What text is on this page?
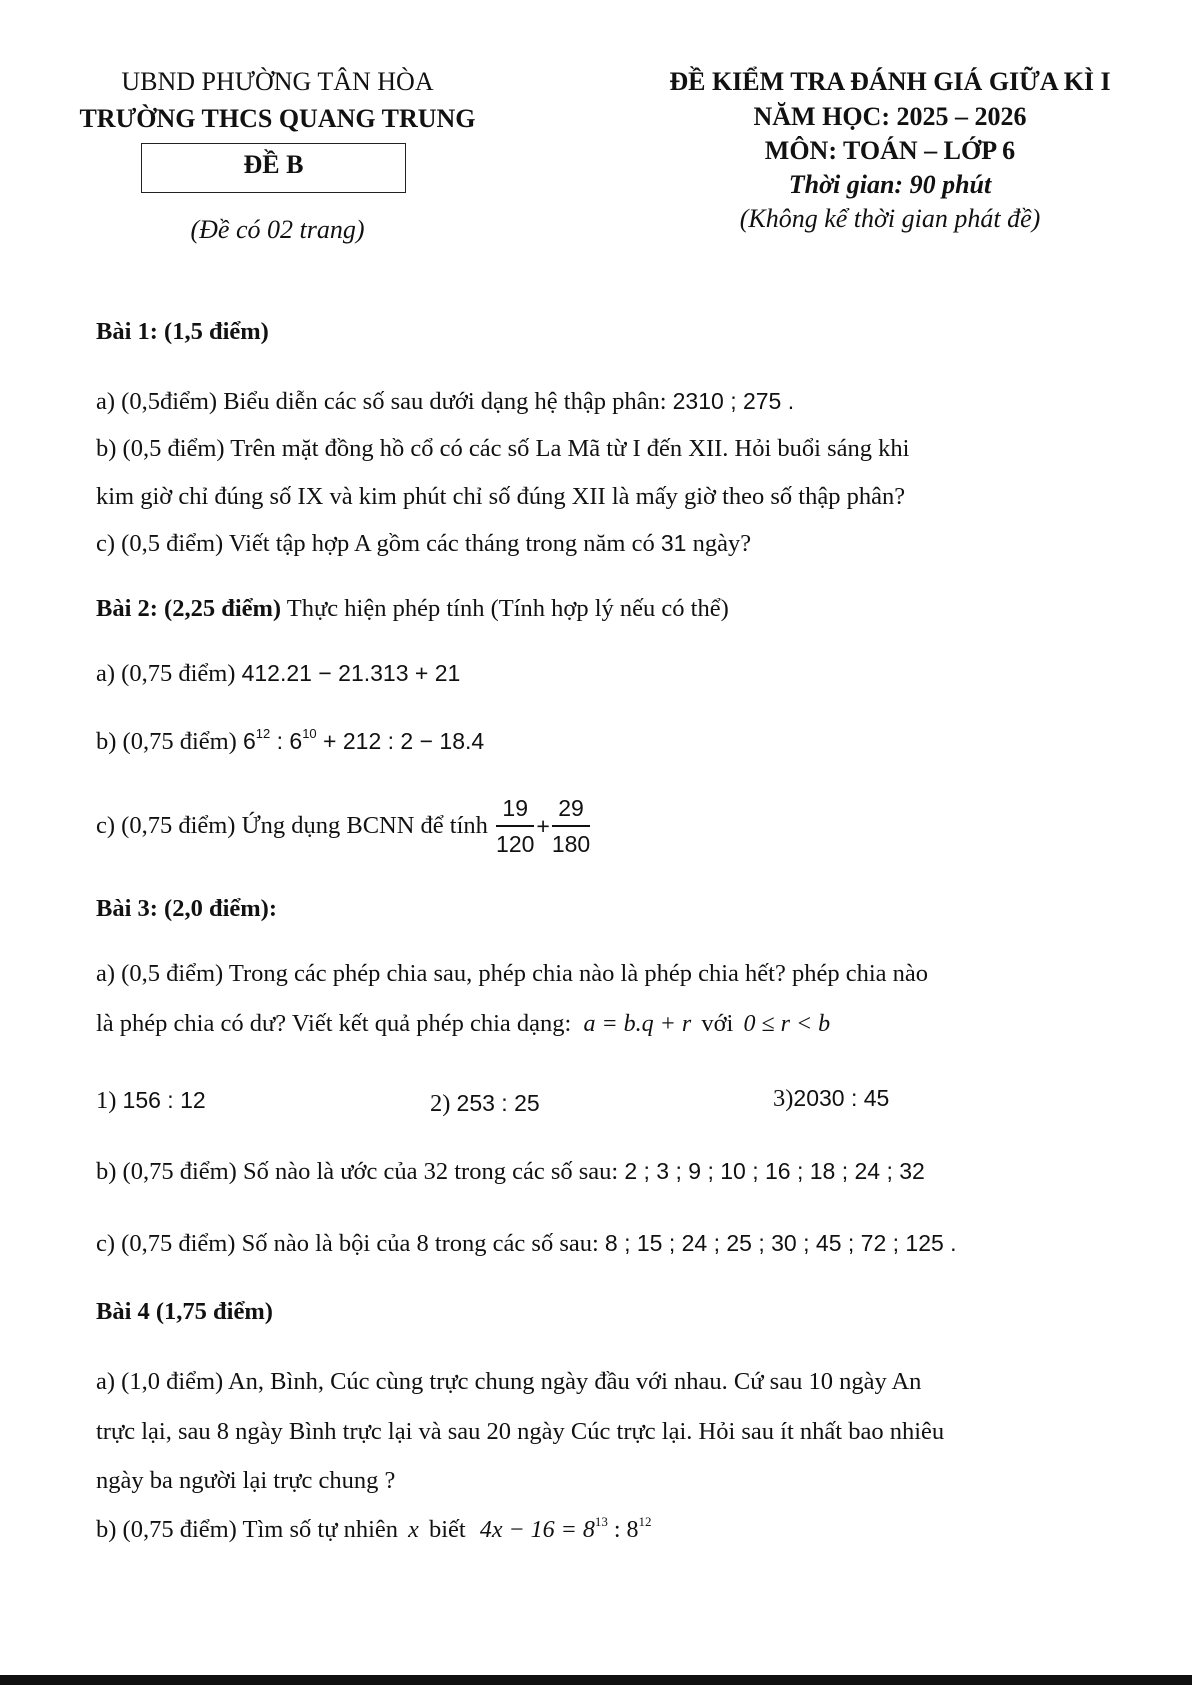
UBND PHƯỜNG TÂN HÒA
TRƯỜNG THCS QUANG TRUNG
ĐỀ B
(Đề có 02 trang)
ĐỀ KIỂM TRA ĐÁNH GIÁ GIỮA KÌ I
NĂM HỌC: 2025 – 2026
MÔN: TOÁN – LỚP 6
Thời gian: 90 phút
(Không kể thời gian phát đề)
Bài 1: (1,5 điểm)
a) (0,5điểm) Biểu diễn các số sau dưới dạng hệ thập phân: 2310 ; 275 .
b) (0,5 điểm) Trên mặt đồng hồ cổ có các số La Mã từ I đến XII. Hỏi buổi sáng khi
kim giờ chỉ đúng số IX và kim phút chỉ số đúng XII là mấy giờ theo số thập phân?
c) (0,5 điểm) Viết tập hợp A gồm các tháng trong năm có 31 ngày?
Bài 2: (2,25 điểm) Thực hiện phép tính (Tính hợp lý nếu có thể)
a) (0,75 điểm) 412.21 − 21.313 + 21
b) (0,75 điểm) $6^{12}$ : $6^{10} + 212$ : 2 − 18.4
c) (0,75 điểm) Ứng dụng BCNN để tính $\frac{19}{120} + \frac{29}{180}$
Bài 3: (2,0 điểm):
a) (0,5 điểm) Trong các phép chia sau, phép chia nào là phép chia hết? phép chia nào
là phép chia có dư? Viết kết quả phép chia dạng: a = b.q + r với 0 ≤ r < b
1) 156 : 12	2) 253 : 25	3)2030 : 45
b) (0,75 điểm) Số nào là ước của 32 trong các số sau: 2 ; 3 ; 9 ; 10 ; 16 ; 18 ; 24 ; 32
c) (0,75 điểm) Số nào là bội của 8 trong các số sau: 8 ; 15 ; 24 ; 25 ; 30 ; 45 ; 72 ; 125 .
Bài 4 (1,75 điểm)
a) (1,0 điểm) An, Bình, Cúc cùng trực chung ngày đầu với nhau. Cứ sau 10 ngày An
trực lại, sau 8 ngày Bình trực lại và sau 20 ngày Cúc trực lại. Hỏi sau ít nhất bao nhiêu
ngày ba người lại trực chung ?
b) (0,75 điểm) Tìm số tự nhiên x biết $4x - 16 = 8^{13}$ : $8^{12}$
